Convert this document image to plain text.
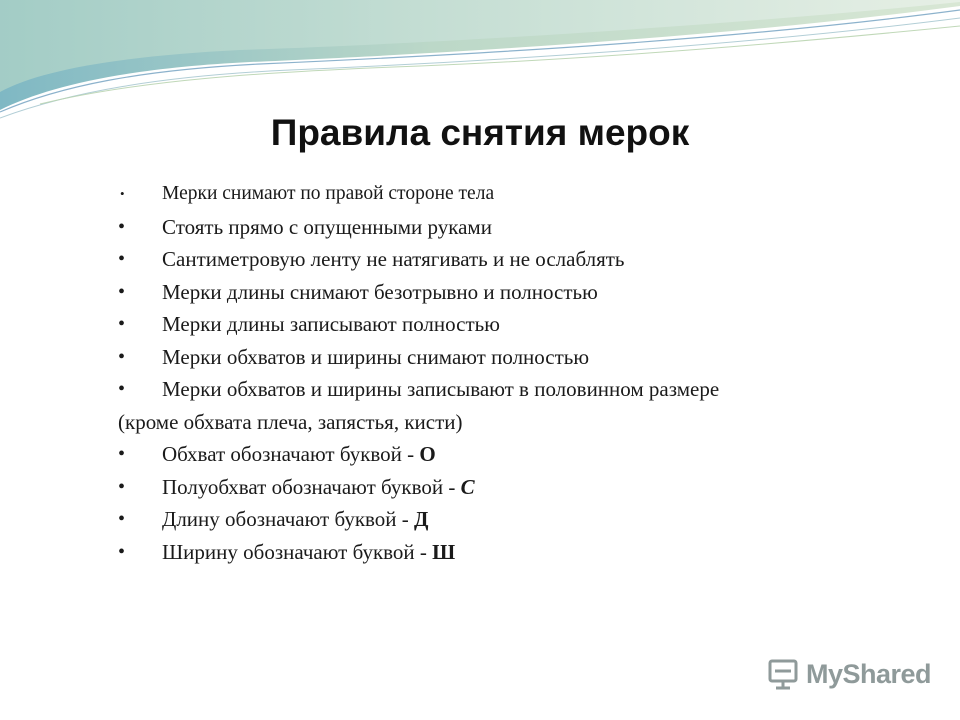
Правила снятия мерок
• Мерки снимают по правой стороне тела
• Стоять прямо с опущенными руками
• Сантиметровую ленту не натягивать и не ослаблять
• Мерки длины снимают безотрывно и полностью
• Мерки длины записывают полностью
• Мерки обхватов и ширины снимают полностью
• Мерки обхватов и ширины записывают в половинном размере
(кроме обхвата плеча, запястья, кисти)
• Обхват обозначают буквой - О
• Полуобхват обозначают буквой - С
• Длину обозначают буквой - Д
• Ширину обозначают буквой - Ш
MyShared
